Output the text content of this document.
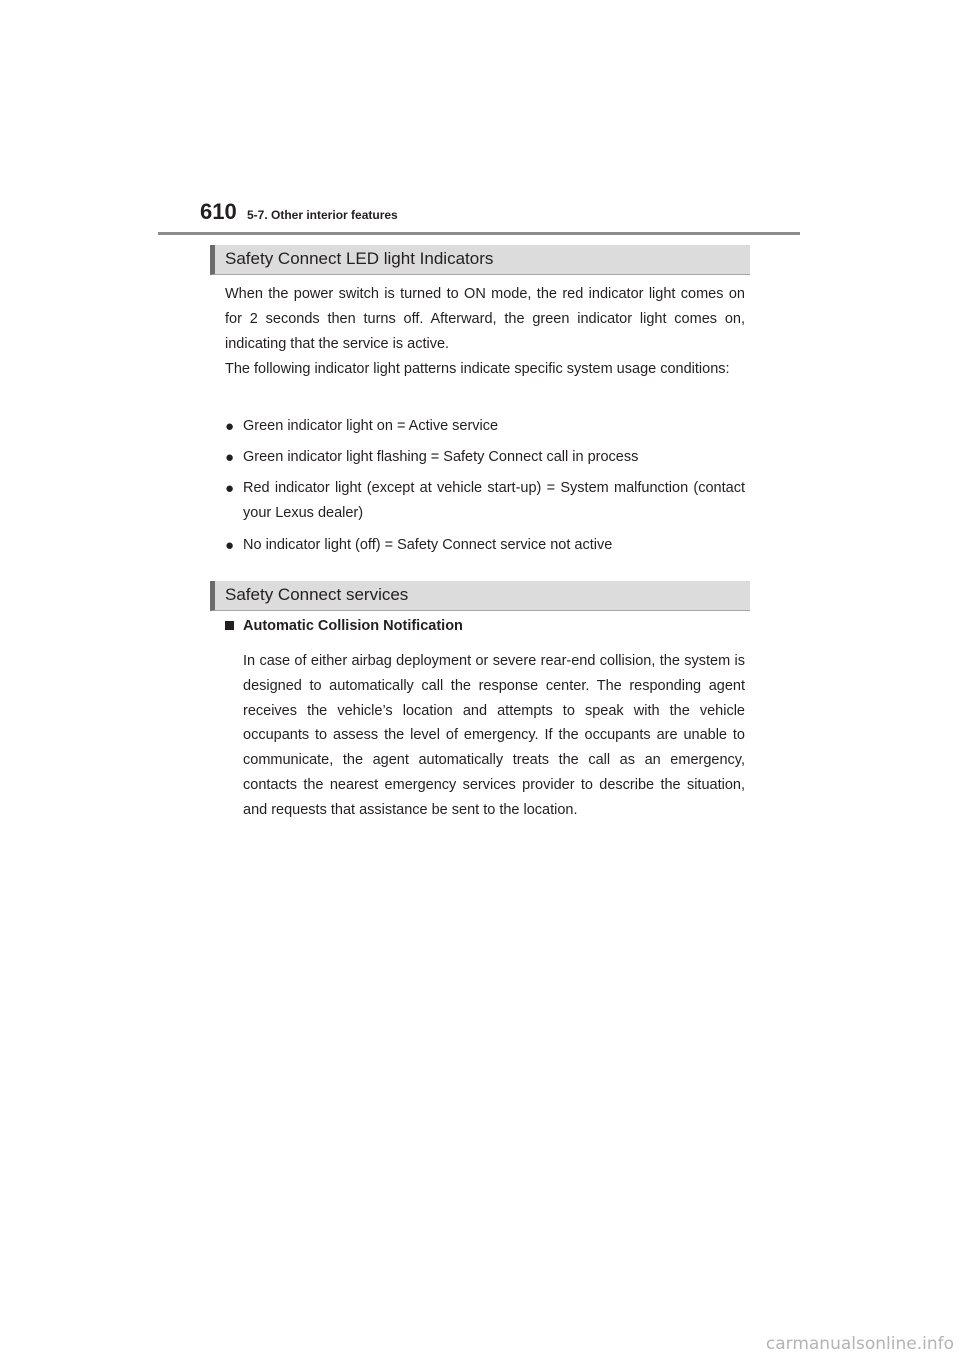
610 5-7. Other interior features
Safety Connect LED light Indicators

When the power switch is turned to ON mode, the red indicator light comes on for 2 seconds then turns off. Afterward, the green indicator light comes on, indicating that the service is active.

The following indicator light patterns indicate specific system usage conditions:

● Green indicator light on = Active service
● Green indicator light flashing = Safety Connect call in process
● Red indicator light (except at vehicle start-up) = System malfunction (contact your Lexus dealer)
● No indicator light (off) = Safety Connect service not active
Safety Connect services
Automatic Collision Notification
In case of either airbag deployment or severe rear-end collision, the system is designed to automatically call the response center. The responding agent receives the vehicle’s location and attempts to speak with the vehicle occupants to assess the level of emergency. If the occupants are unable to communicate, the agent automatically treats the call as an emergency, contacts the nearest emergency services provider to describe the situation, and requests that assistance be sent to the location.
carmanualsonline.info
